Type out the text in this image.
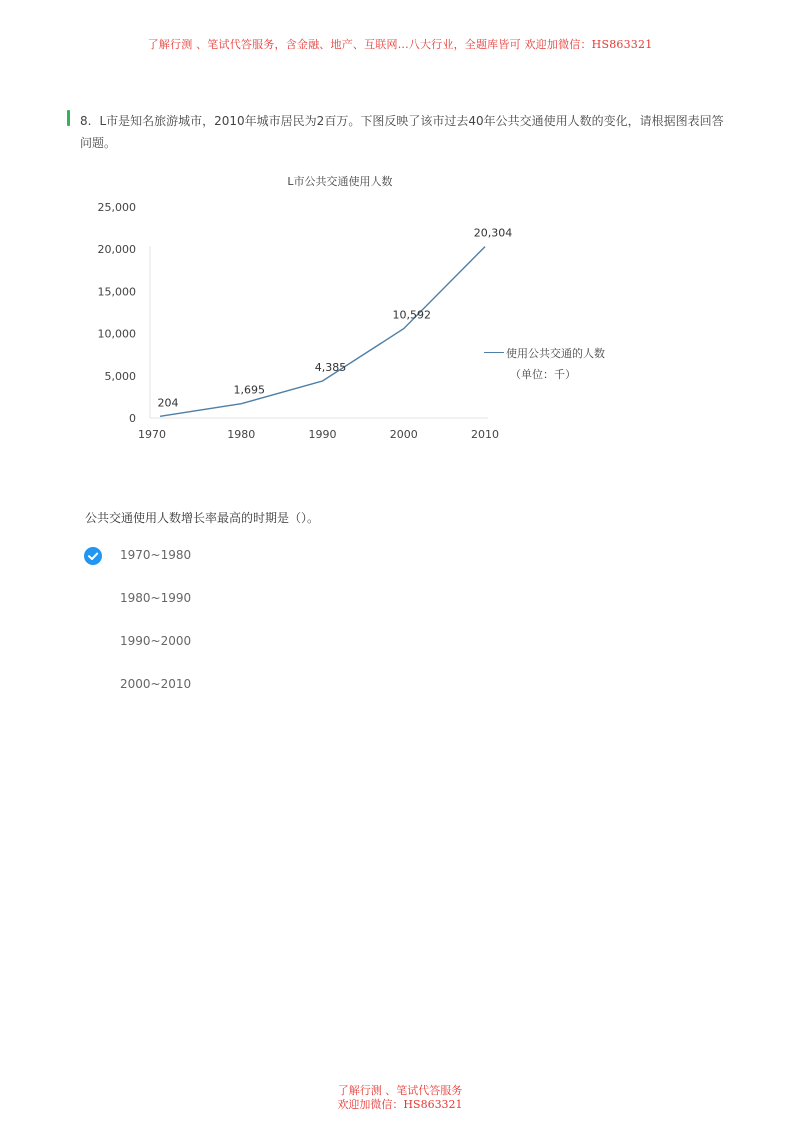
了解行测 、笔试代答服务，含金融、地产、互联网...八大行业，全题库皆可 欢迎加微信：HS863321
8. L市是知名旅游城市，2010年城市居民为2百万。下图反映了该市过去40年公共交通使用人数的变化，请根据图表回答问题。
L市公共交通使用人数
0
5,000
10,000
15,000
20,000
25,000
1970	1980	1990	2000	2010
204
1,695
4,385
10,592
20,304
使用公共交通的人数
（单位：千）
公共交通使用人数增长率最高的时期是（）。
1970~1980
1980~1990
1990~2000
2000~2010
了解行测 、笔试代答服务
欢迎加微信：HS863321
